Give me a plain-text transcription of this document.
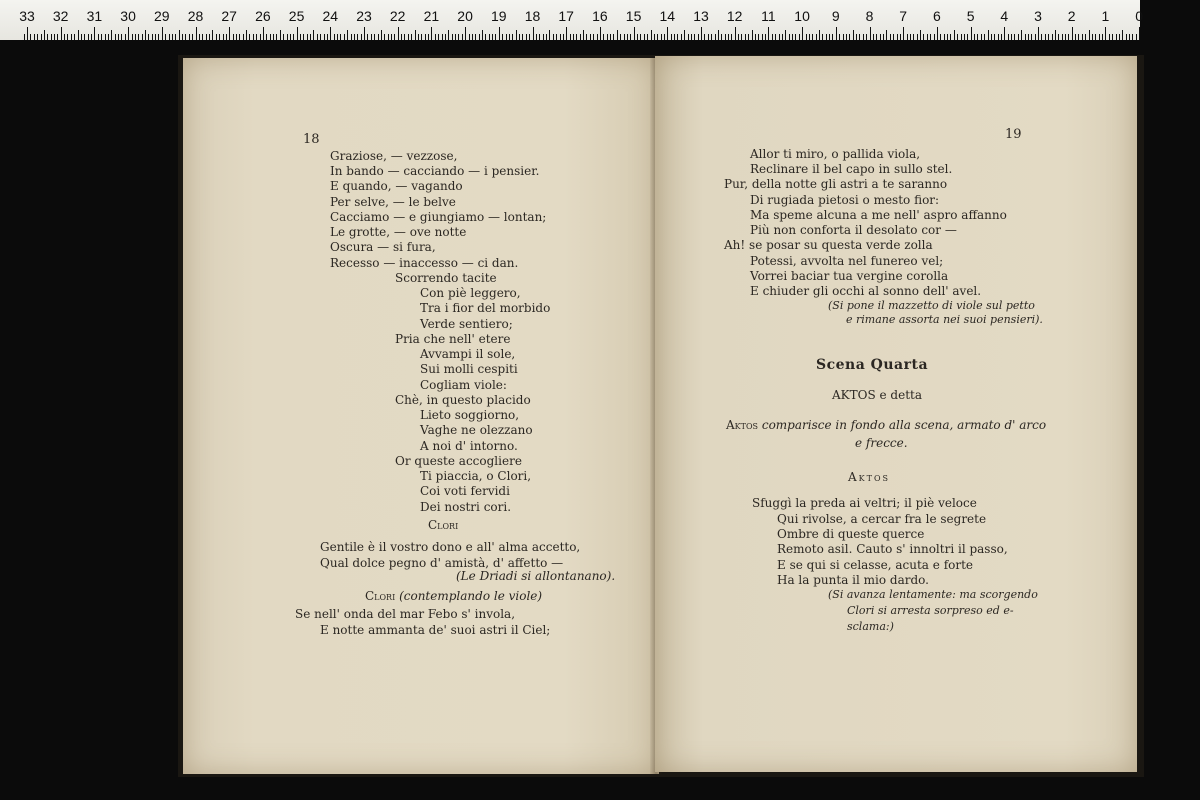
33 32 31 30 29 28 27 26 25 24 23 22 21 20 19 18 17 16 15 14 13 12 11 10 9 8 7 6 5 4 3 2 1 0
18
Graziose, — vezzose,
In bando — cacciando — i pensier.
E quando, — vagando
Per selve, — le belve
Cacciamo — e giungiamo — lontan;
Le grotte, — ove notte
Oscura — si fura,
Recesso — inaccesso — ci dan.
Scorrendo tacite
Con piè leggero,
Tra i fior del morbido
Verde sentiero;
Pria che nell' etere
Avvampi il sole,
Sui molli cespiti
Cogliam viole:
Chè, in questo placido
Lieto soggiorno,
Vaghe ne olezzano
A noi d' intorno.
Or queste accogliere
Ti piaccia, o Clori,
Coi voti fervidi
Dei nostri cori.
Clori
Gentile è il vostro dono e all' alma accetto,
Qual dolce pegno d' amistà, d' affetto —
(Le Driadi si allontanano).
Clori (contemplando le viole)
Se nell' onda del mar Febo s' invola,
E notte ammanta de' suoi astri il Ciel;
19
Allor ti miro, o pallida viola,
Reclinare il bel capo in sullo stel.
Pur, della notte gli astri a te saranno
Di rugiada pietosi o mesto fior:
Ma speme alcuna a me nell' aspro affanno
Più non conforta il desolato cor —
Ah! se posar su questa verde zolla
Potessi, avvolta nel funereo vel;
Vorrei baciar tua vergine corolla
E chiuder gli occhi al sonno dell' avel.
(Si pone il mazzetto di viole sul petto
e rimane assorta nei suoi pensieri).
Scena Quarta
AKTOS e detta
Aktos comparisce in fondo alla scena, armato d' arco
e frecce.
Aktos
Sfuggì la preda ai veltri; il piè veloce
Qui rivolse, a cercar fra le segrete
Ombre di queste querce
Remoto asil. Cauto s' innoltri il passo,
E se qui si celasse, acuta e forte
Ha la punta il mio dardo.
(Si avanza lentamente: ma scorgendo
Clori si arresta sorpreso ed e-
sclama:)
